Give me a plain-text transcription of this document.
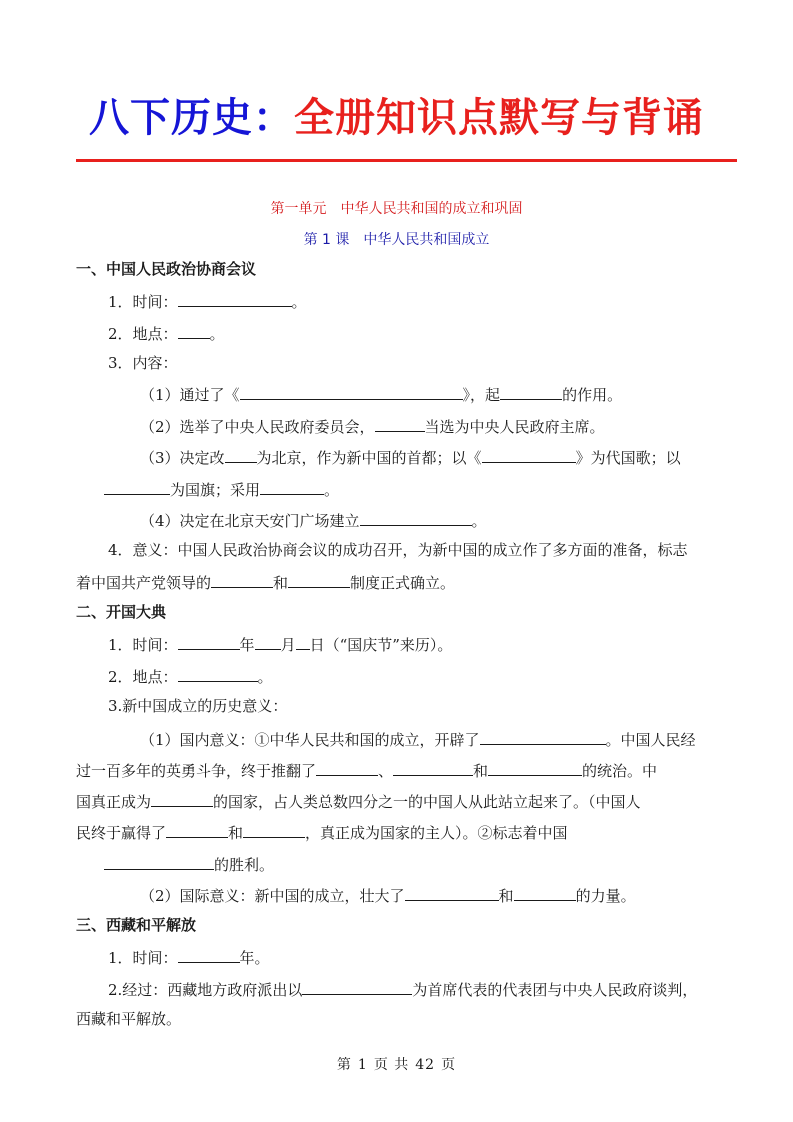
八下历史：全册知识点默写与背诵
第一单元　中华人民共和国的成立和巩固
第 1 课　中华人民共和国成立
一、中国人民政治协商会议
1．时间：	。
2．地点： 。
3．内容：
（1）通过了《	》，起	的作用。
（2）选举了中央人民政府委员会，	当选为中央人民政府主席。
（3）决定改 为北京，作为新中国的首都；以《	》为代国歌；以
为国旗；采用	。
（4）决定在北京天安门广场建立	。
4．意义：中国人民政治协商会议的成功召开，为新中国的成立作了多方面的准备，标志
着中国共产党领导的	和	制度正式确立。
二、开国大典
1．时间：	年 月 日（“国庆节”来历）。
2．地点：	。
3.新中国成立的历史意义：
（1）国内意义：①中华人民共和国的成立，开辟了	。中国人民经
过一百多年的英勇斗争，终于推翻了	、	和	的统治。中
国真正成为	的国家，占人类总数四分之一的中国人从此站立起来了。（中国人
民终于赢得了	和	，真正成为国家的主人）。②标志着中国
的胜利。
（2）国际意义：新中国的成立，壮大了	和	的力量。
三、西藏和平解放
1．时间：	年。
2.经过：西藏地方政府派出以	为首席代表的代表团与中央人民政府谈判，
西藏和平解放。
第 1 页 共 42 页
